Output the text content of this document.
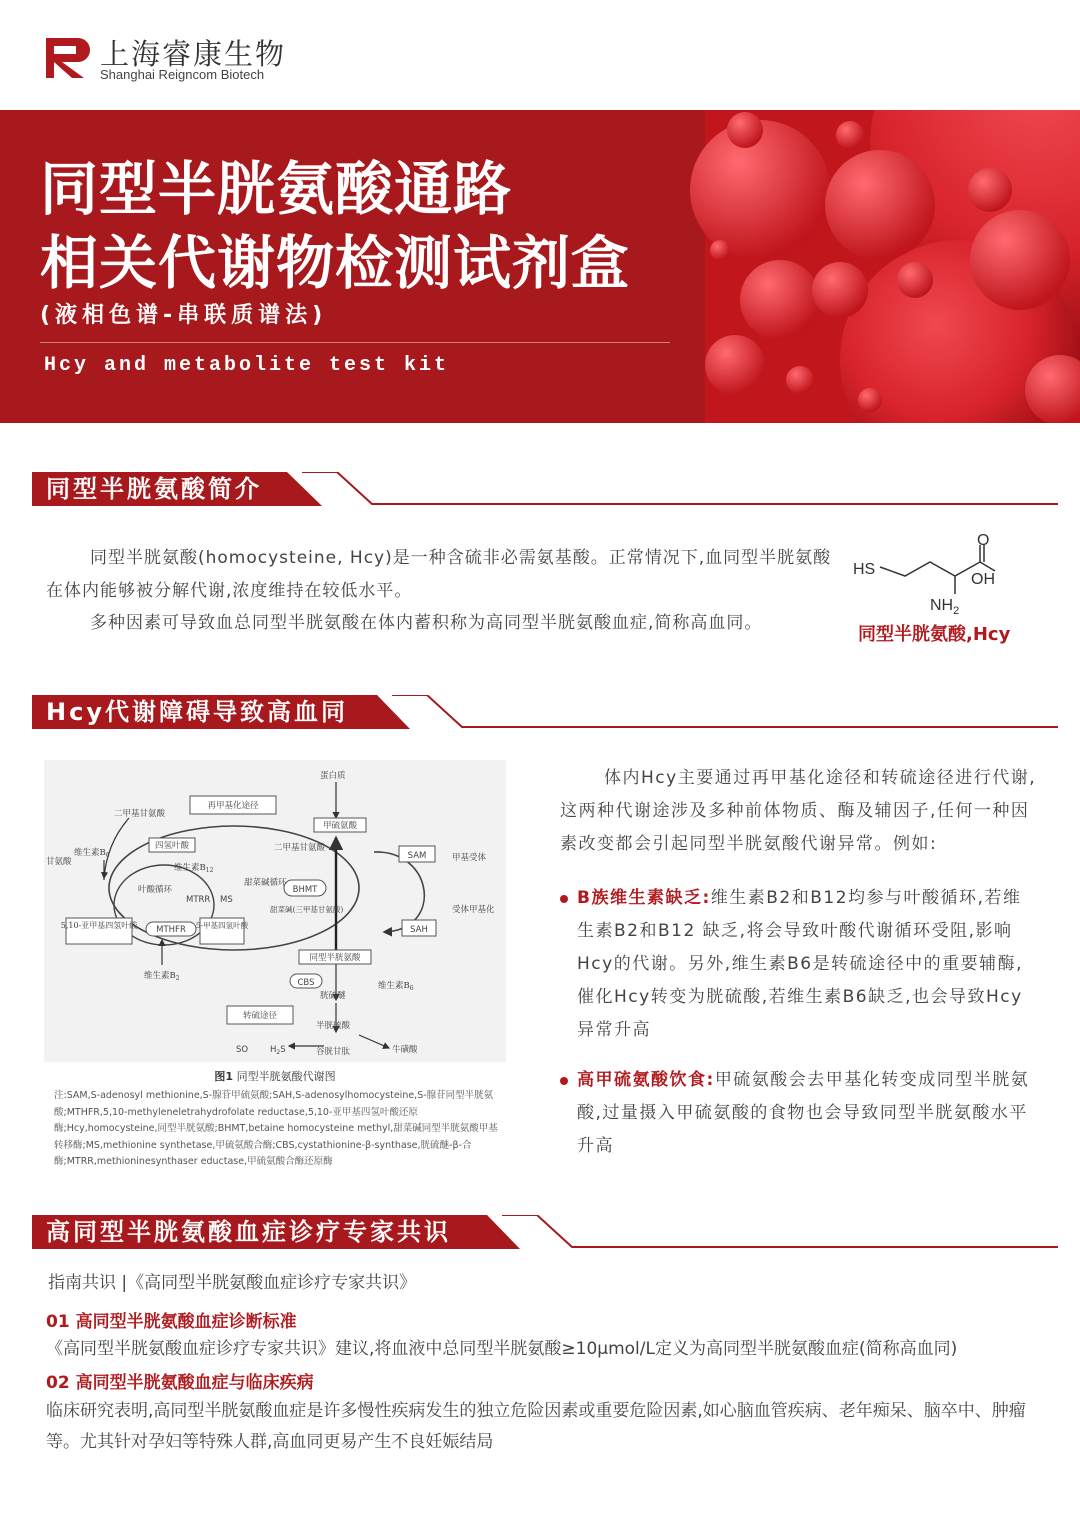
上海睿康生物
Shanghai Reigncom Biotech
同型半胱氨酸通路
相关代谢物检测试剂盒
(液相色谱-串联质谱法)
Hcy and metabolite test kit
同型半胱氨酸简介
同型半胱氨酸(homocysteine, Hcy)是一种含硫非必需氨基酸。正常情况下,血同型半胱氨酸在体内能够被分解代谢,浓度维持在较低水平。
多种因素可导致血总同型半胱氨酸在体内蓄积称为高同型半胱氨酸血症,简称高血同。
HS
O
OH
$NH_2$
同型半胱氨酸,Hcy
Hcy代谢障碍导致高血同
再甲基化途径
甲硫氨酸
四氢叶酸
SAM
BHMT
5,10-亚甲基四氢叶酸 MTHFR 5-甲基四氢叶酸	SAH
同型半胱氨酸
CBS
转硫途径
蛋白质
二甲基甘氨酸
维生素$B_6$
甘氨酸
维生素$B_{12}$
叶酸循环
MTRR MS
二甲基甘氨酸
甜菜碱循环
甜菜碱(三甲基甘氨酸)
甲基受体
受体甲基化
维生素$B_2$
维生素$B_6$
胱硫醚
半胱硫酸
牛磺酸
谷胱甘肽
SO	$H_2S$
图1 同型半胱氨酸代谢图
注:SAM,S-adenosyl methionine,S-腺苷甲硫氨酸;SAH,S-adenosylhomocysteine,S-腺苷同型半胱氨酸;MTHFR,5,10-methyleneletrahydrofolate reductase,5,10-亚甲基四氢叶酸还原酶;Hcy,homocysteine,同型半胱氨酸;BHMT,betaine homocysteine methyl,甜菜碱同型半胱氨酸甲基转移酶;MS,methionine synthetase,甲硫氨酸合酶;CBS,cystathionine-β-synthase,胱硫醚-β-合酶;MTRR,methioninesynthaser eductase,甲硫氨酸合酶还原酶
体内Hcy主要通过再甲基化途径和转硫途径进行代谢,这两种代谢途涉及多种前体物质、酶及辅因子,任何一种因素改变都会引起同型半胱氨酸代谢异常。例如:
B族维生素缺乏:维生素B2和B12均参与叶酸循环,若维生素B2和B12 缺乏,将会导致叶酸代谢循环受阻,影响Hcy的代谢。另外,维生素B6是转硫途径中的重要辅酶,催化Hcy转变为胱硫酸,若维生素B6缺乏,也会导致Hcy异常升高
高甲硫氨酸饮食:甲硫氨酸会去甲基化转变成同型半胱氨酸,过量摄入甲硫氨酸的食物也会导致同型半胱氨酸水平升高
高同型半胱氨酸血症诊疗专家共识
指南共识 |《高同型半胱氨酸血症诊疗专家共识》
01 高同型半胱氨酸血症诊断标准
《高同型半胱氨酸血症诊疗专家共识》建议,将血液中总同型半胱氨酸≥10μmol/L定义为高同型半胱氨酸血症(简称高血同)
02 高同型半胱氨酸血症与临床疾病
临床研究表明,高同型半胱氨酸血症是许多慢性疾病发生的独立危险因素或重要危险因素,如心脑血管疾病、老年痴呆、脑卒中、肿瘤等。尤其针对孕妇等特殊人群,高血同更易产生不良妊娠结局
